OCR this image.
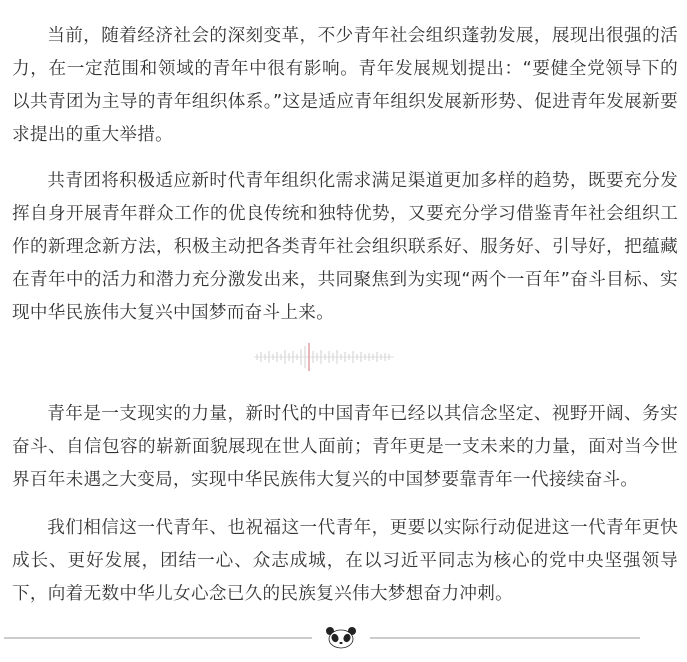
当前，随着经济社会的深刻变革，不少青年社会组织蓬勃发展，展现出很强的活力，在一定范围和领域的青年中很有影响。青年发展规划提出：“要健全党领导下的以共青团为主导的青年组织体系。”这是适应青年组织发展新形势、促进青年发展新要求提出的重大举措。

共青团将积极适应新时代青年组织化需求满足渠道更加多样的趋势，既要充分发挥自身开展青年群众工作的优良传统和独特优势，又要充分学习借鉴青年社会组织工作的新理念新方法，积极主动把各类青年社会组织联系好、服务好、引导好，把蕴藏在青年中的活力和潜力充分激发出来，共同聚焦到为实现“两个一百年”奋斗目标、实现中华民族伟大复兴中国梦而奋斗上来。

青年是一支现实的力量，新时代的中国青年已经以其信念坚定、视野开阔、务实奋斗、自信包容的崭新面貌展现在世人面前；青年更是一支未来的力量，面对当今世界百年未遇之大变局，实现中华民族伟大复兴的中国梦要靠青年一代接续奋斗。

我们相信这一代青年、也祝福这一代青年，更要以实际行动促进这一代青年更快成长、更好发展，团结一心、众志成城，在以习近平同志为核心的党中央坚强领导下，向着无数中华儿女心念已久的民族复兴伟大梦想奋力冲刺。
